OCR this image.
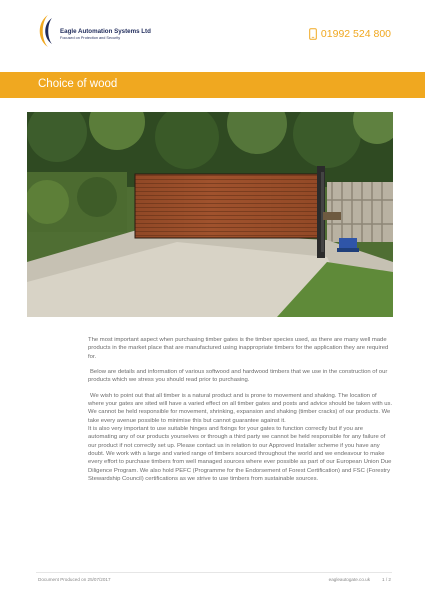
Eagle Automation Systems Ltd
Focused on Protection and Security	01992 524 800
Choice of wood

The most important aspect when purchasing timber gates is the timber species used, as there are many well made products in the market place that are manufactured using inappropriate timbers for the application they are required for.

Below are details and information of various softwood and hardwood timbers that we use in the construction of our products which we stress you should read prior to purchasing.

We wish to point out that all timber is a natural product and is prone to movement and shaking. The location of where your gates are sited will have a varied effect on all timber gates and posts and advice should be taken with us. We cannot be held responsible for movement, shrinking, expansion and shaking (timber cracks) of our products. We take every avenue possible to minimise this but cannot guarantee against it.
It is also very important to use suitable hinges and fixings for your gates to function correctly but if you are automating any of our products yourselves or through a third party we cannot be held responsible for any failure of our product if not correctly set up. Please contact us in relation to our Approved Installer scheme if you have any doubt. We work with a large and varied range of timbers sourced throughout the world and we endeavour to make every effort to purchase timbers from well managed sources where ever possible as part of our European Union Due Diligence Program. We also hold PEFC (Programme for the Endorsement of Forest Certification) and FSC (Forestry Stewardship Council) certifications as we strive to use timbers from sustainable sources.

Document Produced on 25/07/2017	eagleautogate.co.uk	1 / 2
